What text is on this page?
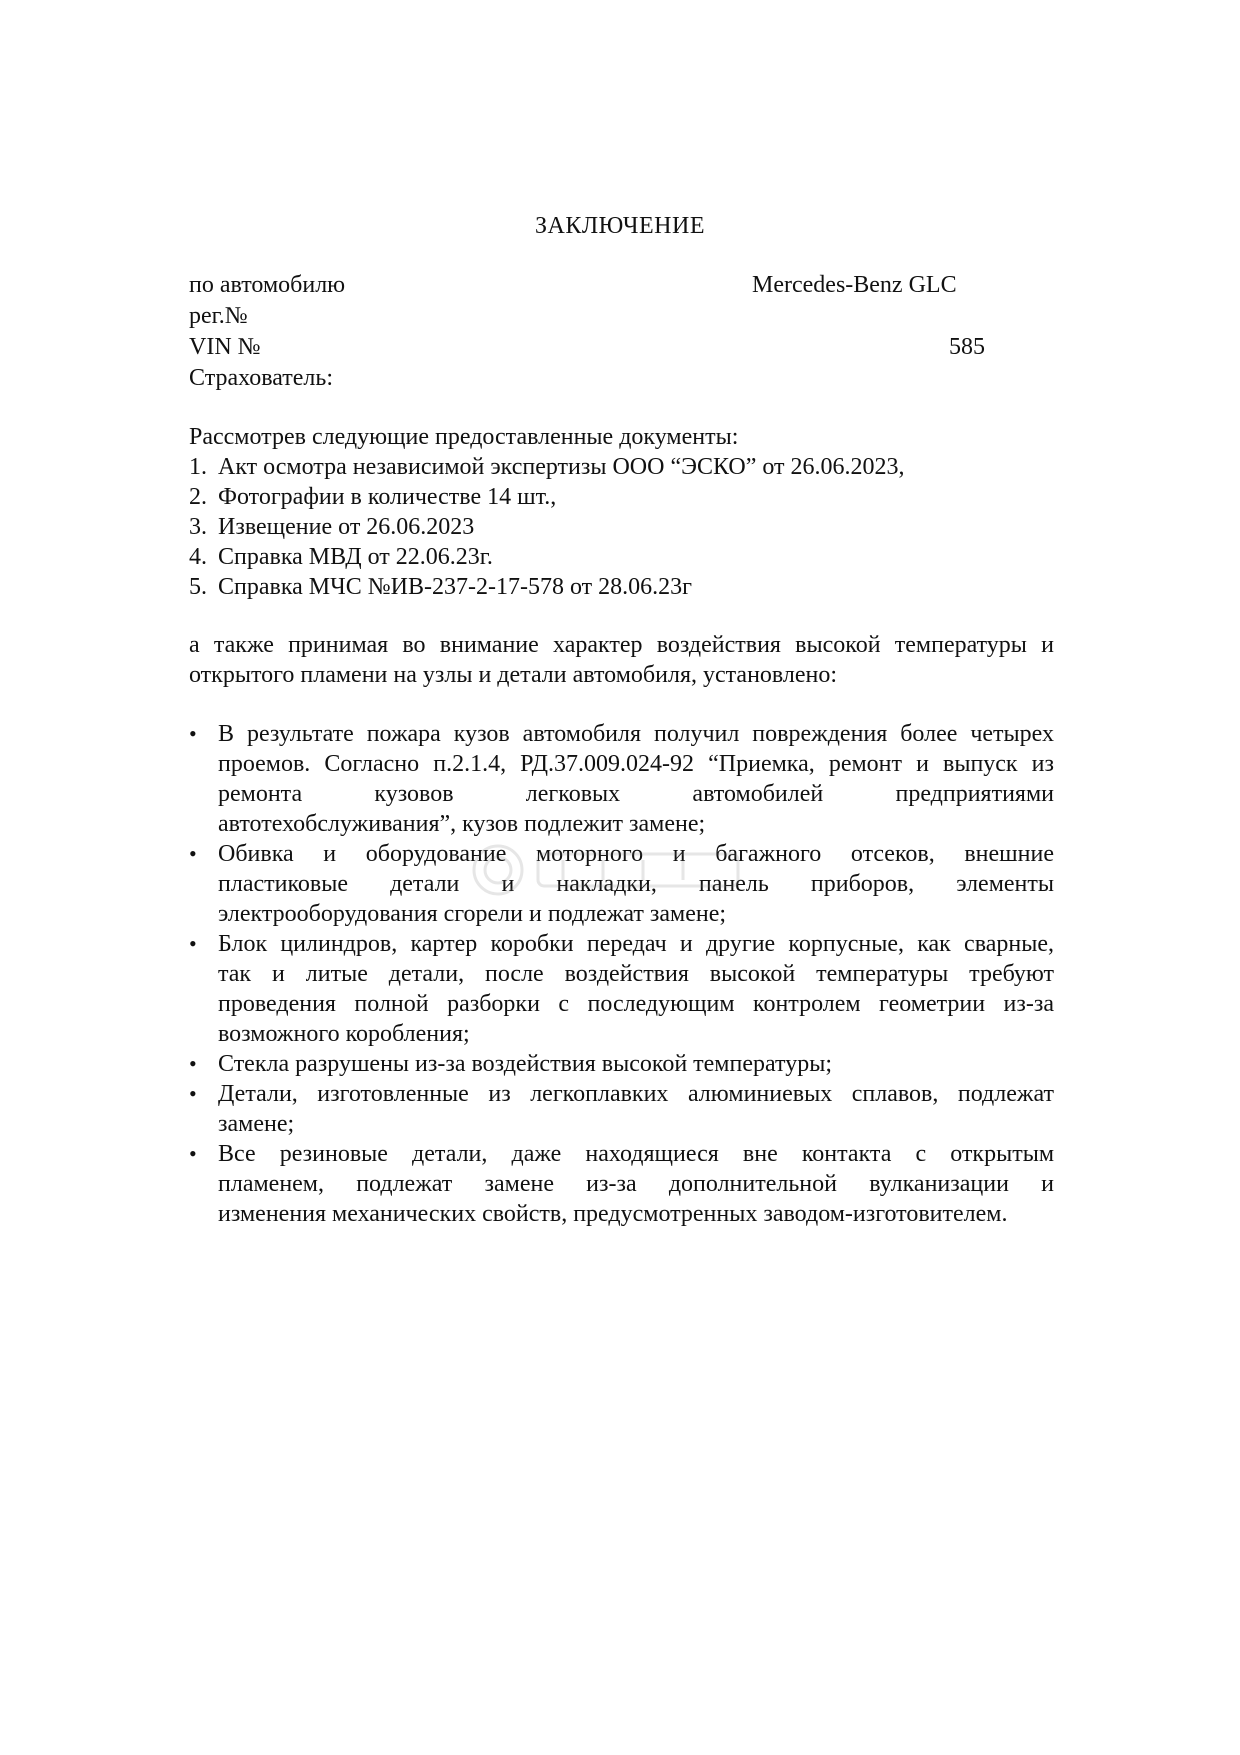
ЗАКЛЮЧЕНИЕ
по автомобилю	Mercedes-Benz GLC
рег.№
VIN №	585
Страхователь:
Рассмотрев следующие предоставленные документы:
1. Акт осмотра независимой экспертизы ООО “ЭСКО” от 26.06.2023,
2. Фотографии в количестве 14 шт.,
3. Извещение от 26.06.2023
4. Справка МВД от 22.06.23г.
5. Справка МЧС №ИВ-237-2-17-578 от 28.06.23г
а также принимая во внимание характер воздействия высокой температуры и
открытого пламени на узлы и детали автомобиля, установлено:
• В результате пожара кузов автомобиля получил повреждения более четырех
проемов. Согласно п.2.1.4, РД.37.009.024-92 “Приемка, ремонт и выпуск из
ремонта кузовов легковых автомобилей предприятиями
автотехобслуживания”, кузов подлежит замене;
• Обивка и оборудование моторного и багажного отсеков, внешние
пластиковые детали и накладки, панель приборов, элементы
электрооборудования сгорели и подлежат замене;
• Блок цилиндров, картер коробки передач и другие корпусные, как сварные,
так и литые детали, после воздействия высокой температуры требуют
проведения полной разборки с последующим контролем геометрии из-за
возможного коробления;
• Стекла разрушены из-за воздействия высокой температуры;
• Детали, изготовленные из легкоплавких алюминиевых сплавов, подлежат
замене;
• Все резиновые детали, даже находящиеся вне контакта с открытым
пламенем, подлежат замене из-за дополнительной вулканизации и
изменения механических свойств, предусмотренных заводом-изготовителем.
